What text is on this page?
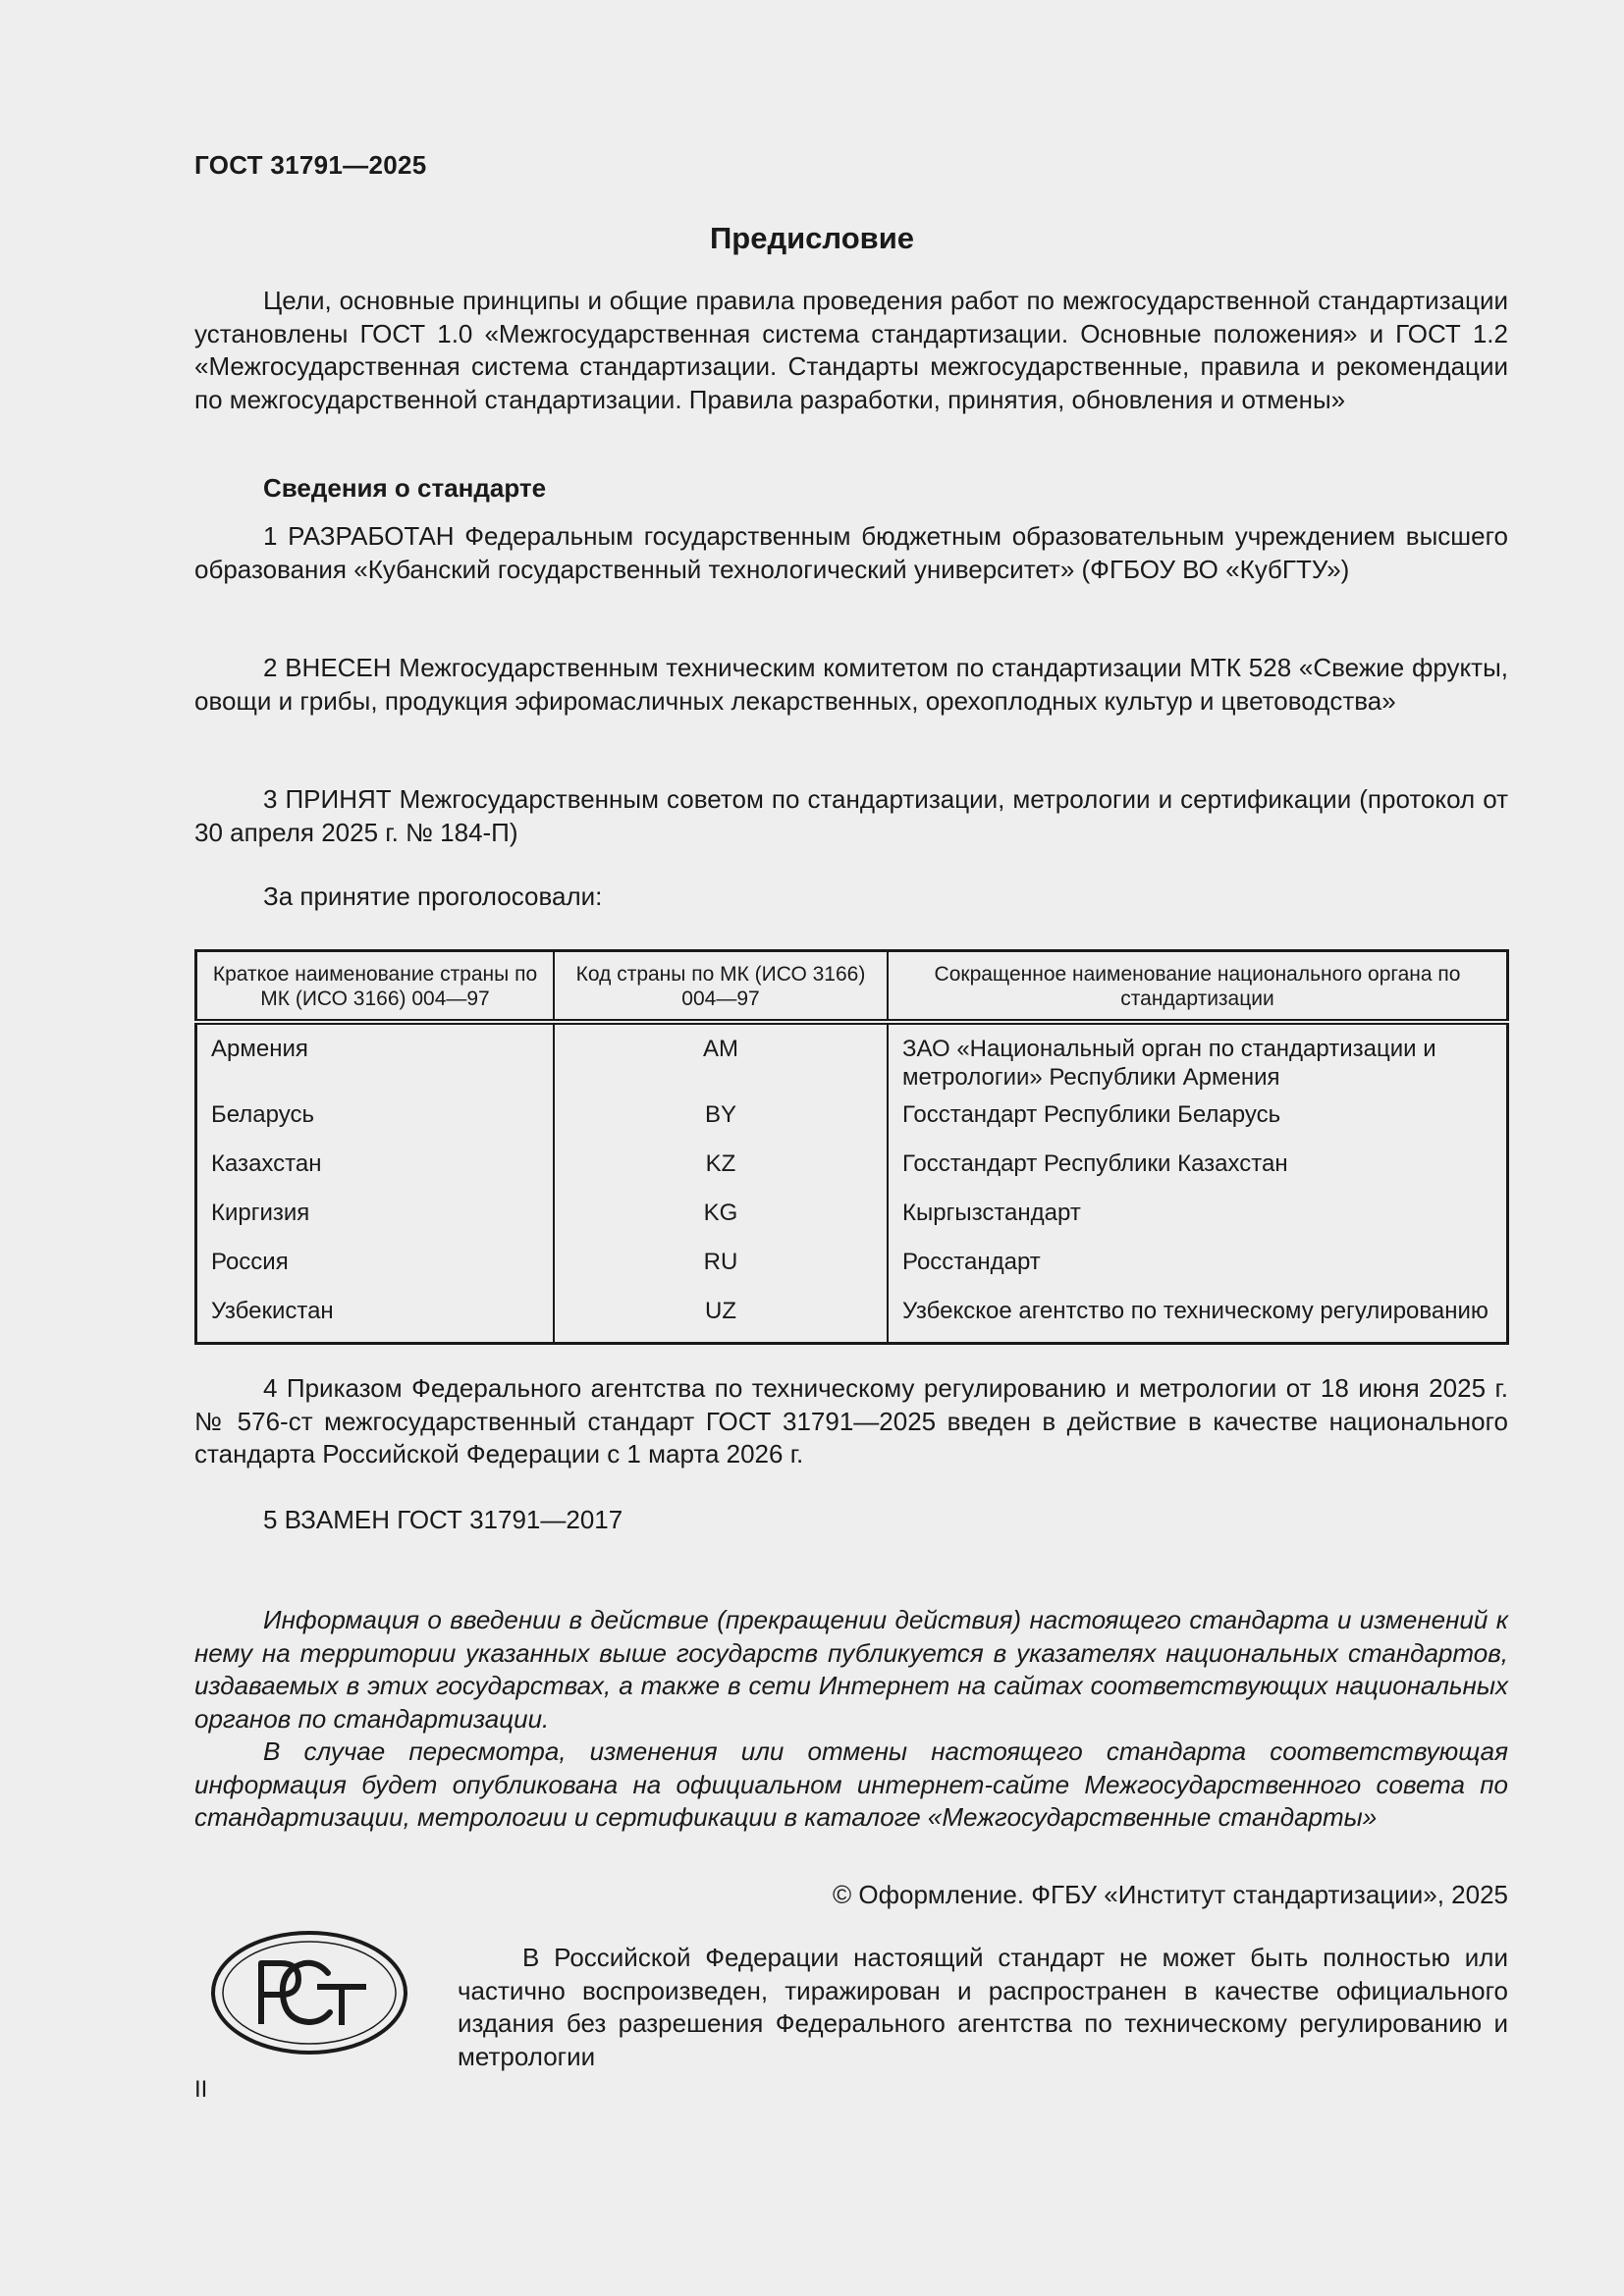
ГОСТ 31791—2025
Предисловие

Цели, основные принципы и общие правила проведения работ по межгосударственной стандартизации установлены ГОСТ 1.0 «Межгосударственная система стандартизации. Основные положения» и ГОСТ 1.2 «Межгосударственная система стандартизации. Стандарты межгосударственные, правила и рекомендации по межгосударственной стандартизации. Правила разработки, принятия, обновления и отмены»

Сведения о стандарте

1 РАЗРАБОТАН Федеральным государственным бюджетным образовательным учреждением высшего образования «Кубанский государственный технологический университет» (ФГБОУ ВО «КубГТУ»)

2 ВНЕСЕН Межгосударственным техническим комитетом по стандартизации МТК 528 «Свежие фрукты, овощи и грибы, продукция эфиромасличных лекарственных, орехоплодных культур и цветоводства»

3 ПРИНЯТ Межгосударственным советом по стандартизации, метрологии и сертификации (протокол от 30 апреля 2025 г. № 184-П)

За принятие проголосовали:

Краткое наименование страны по МК (ИСО 3166) 004—97	Код страны по МК (ИСО 3166) 004—97	Сокращенное наименование национального органа по стандартизации
Армения	AM	ЗАО «Национальный орган по стандартизации и метрологии» Республики Армения
Беларусь	BY	Госстандарт Республики Беларусь
Казахстан	KZ	Госстандарт Республики Казахстан
Киргизия	KG	Кыргызстандарт
Россия	RU	Росстандарт
Узбекистан	UZ	Узбекское агентство по техническому регулированию

4 Приказом Федерального агентства по техническому регулированию и метрологии от 18 июня 2025 г. № 576-ст межгосударственный стандарт ГОСТ 31791—2025 введен в действие в качестве национального стандарта Российской Федерации с 1 марта 2026 г.

5 ВЗАМЕН ГОСТ 31791—2017

Информация о введении в действие (прекращении действия) настоящего стандарта и изменений к нему на территории указанных выше государств публикуется в указателях национальных стандартов, издаваемых в этих государствах, а также в сети Интернет на сайтах соответствующих национальных органов по стандартизации.

В случае пересмотра, изменения или отмены настоящего стандарта соответствующая информация будет опубликована на официальном интернет-сайте Межгосударственного совета по стандартизации, метрологии и сертификации в каталоге «Межгосударственные стандарты»

© Оформление. ФГБУ «Институт стандартизации», 2025

В Российской Федерации настоящий стандарт не может быть полностью или частично воспроизведен, тиражирован и распространен в качестве официального издания без разрешения Федерального агентства по техническому регулированию и метрологии

II
